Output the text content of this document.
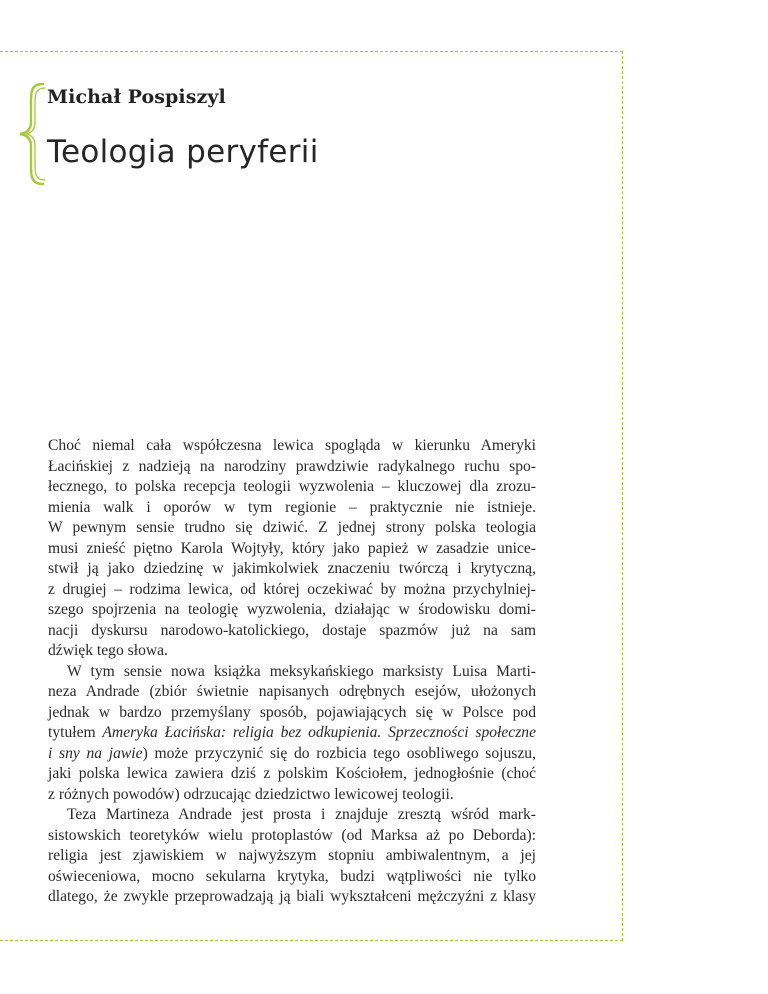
Michał Pospiszyl
Teologia peryferii

Choć niemal cała współczesna lewica spogląda w kierunku Ameryki
Łacińskiej z nadzieją na narodziny prawdziwie radykalnego ruchu spo-
łecznego, to polska recepcja teologii wyzwolenia – kluczowej dla zrozu-
mienia walk i oporów w tym regionie – praktycznie nie istnieje.
W pewnym sensie trudno się dziwić. Z jednej strony polska teologia
musi znieść piętno Karola Wojtyły, który jako papież w zasadzie unice-
stwił ją jako dziedzinę w jakimkolwiek znaczeniu twórczą i krytyczną,
z drugiej – rodzima lewica, od której oczekiwać by można przychylniej-
szego spojrzenia na teologię wyzwolenia, działając w środowisku domi-
nacji dyskursu narodowo-katolickiego, dostaje spazmów już na sam
dźwięk tego słowa.

W tym sensie nowa książka meksykańskiego marksisty Luisa Marti-
neza Andrade (zbiór świetnie napisanych odrębnych esejów, ułożonych
jednak w bardzo przemyślany sposób, pojawiających się w Polsce pod
tytułem Ameryka Łacińska: religia bez odkupienia. Sprzeczności społeczne
i sny na jawie) może przyczynić się do rozbicia tego osobliwego sojuszu,
jaki polska lewica zawiera dziś z polskim Kościołem, jednogłośnie (choć
z różnych powodów) odrzucając dziedzictwo lewicowej teologii.

Teza Martineza Andrade jest prosta i znajduje zresztą wśród mark-
sistowskich teoretyków wielu protoplastów (od Marksa aż po Deborda):
religia jest zjawiskiem w najwyższym stopniu ambiwalentnym, a jej
oświeceniowa, mocno sekularna krytyka, budzi wątpliwości nie tylko
dlatego, że zwykle przeprowadzają ją biali wykształceni mężczyźni z klasy
